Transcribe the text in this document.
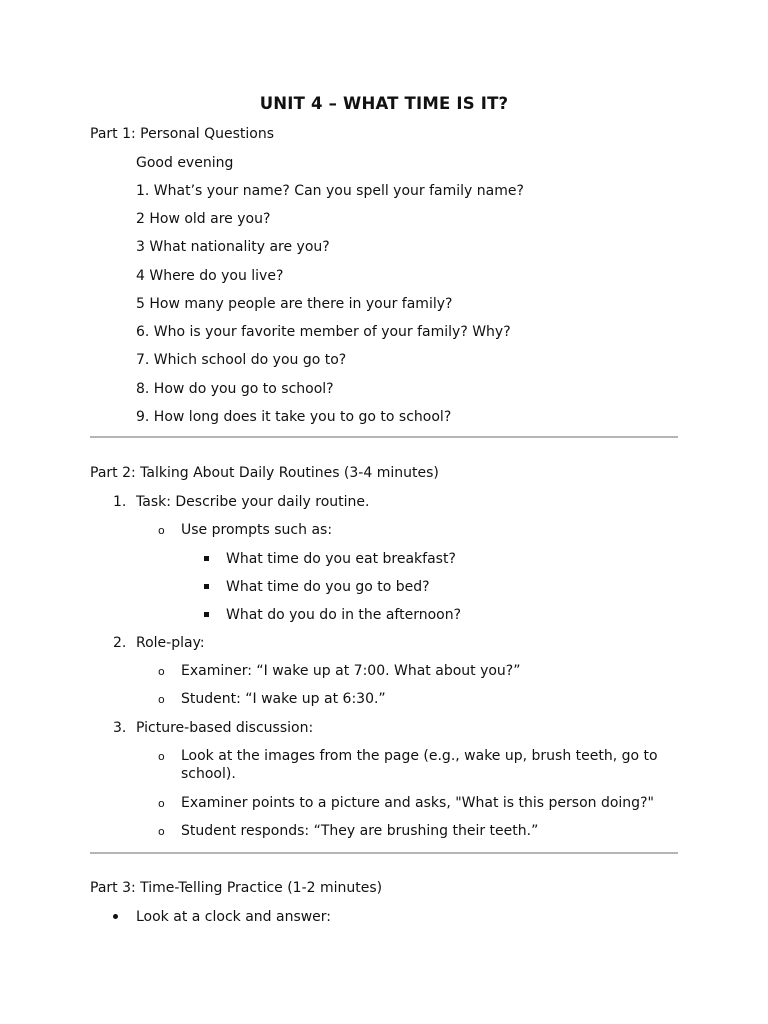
UNIT 4 – WHAT TIME IS IT?
Part 1: Personal Questions
Good evening
1. What’s your name? Can you spell your family name?
2 How old are you?
3 What nationality are you?
4 Where do you live?
5 How many people are there in your family?
6. Who is your favorite member of your family? Why?
7. Which school do you go to?
8. How do you go to school?
9. How long does it take you to go to school?
Part 2: Talking About Daily Routines (3-4 minutes)
1. Task: Describe your daily routine.
o Use prompts such as:
What time do you eat breakfast?
What time do you go to bed?
What do you do in the afternoon?
2. Role-play:
o Examiner: “I wake up at 7:00. What about you?”
o Student: “I wake up at 6:30.”
3. Picture-based discussion:
o Look at the images from the page (e.g., wake up, brush teeth, go to school).
o Examiner points to a picture and asks, "What is this person doing?"
o Student responds: “They are brushing their teeth.”
Part 3: Time-Telling Practice (1-2 minutes)
Look at a clock and answer:
